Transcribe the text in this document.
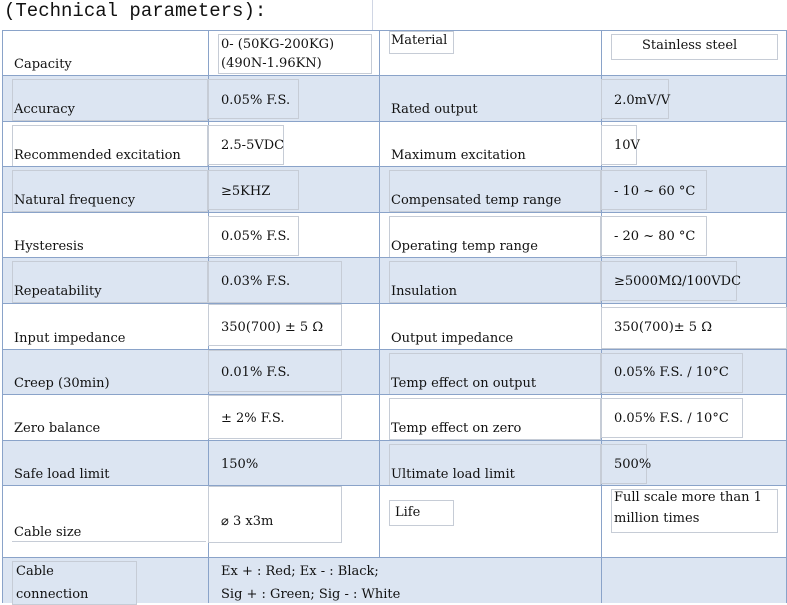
(Technical parameters):
Capacity
0- (50KG-200KG)
(490N-1.96KN)
Material	Stainless steel
Accuracy
0.05% F.S.
Rated output
2.0mV/V
Recommended excitation
2.5-5VDC
Maximum excitation
10V
Natural frequency
≥5KHZ
Compensated temp range
- 10 ~ 60 °C
Hysteresis
0.05% F.S.
Operating temp range
- 20 ~ 80 °C
Repeatability
0.03% F.S.
Insulation
≥5000MΩ/100VDC
Input impedance
350(700) ± 5 Ω
Output impedance
350(700)± 5 Ω
Creep (30min)
0.01% F.S.
Temp effect on output
0.05% F.S. / 10°C
Zero balance
± 2% F.S.
Temp effect on zero
0.05% F.S. / 10°C
Safe load limit
150%
Ultimate load limit
500%
Cable size
⌀ 3 x3m
Life
Full scale more than 1
million times
Cable
connection
Ex + : Red; Ex - : Black;
Sig + : Green; Sig - : White
